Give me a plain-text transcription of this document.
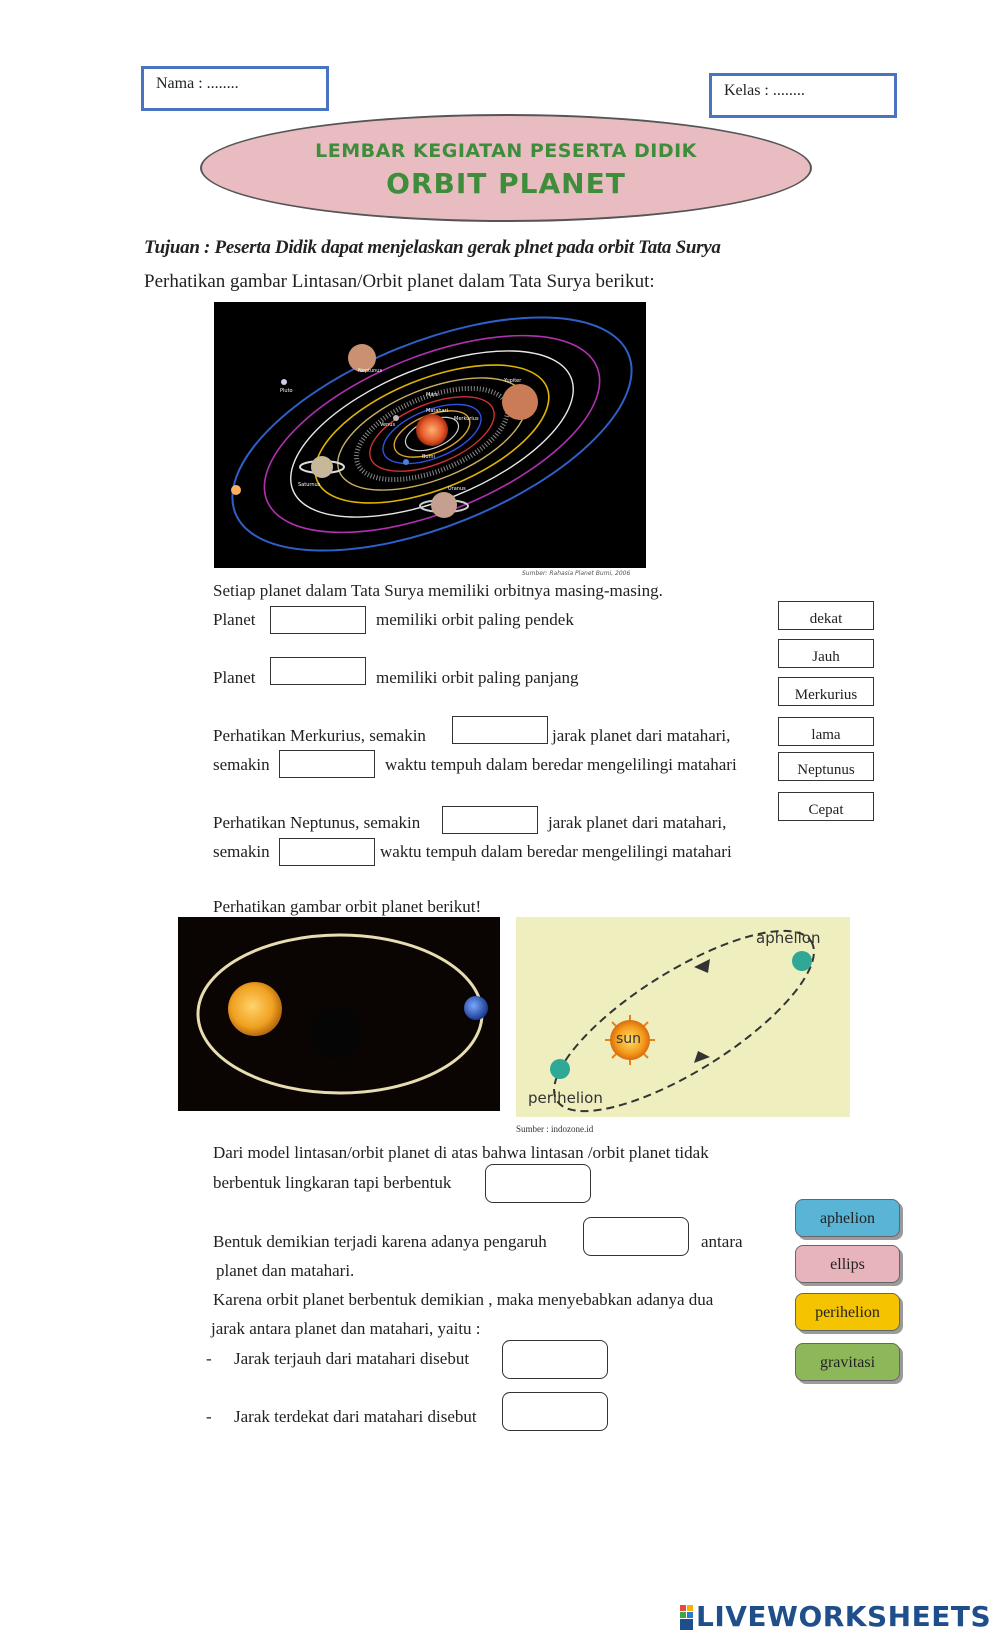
Nama : ........	Kelas : ........
LEMBAR KEGIATAN PESERTA DIDIK
ORBIT PLANET
Tujuan : Peserta Didik dapat menjelaskan gerak plnet pada orbit Tata Surya
Perhatikan gambar Lintasan/Orbit planet dalam Tata Surya berikut:
Neptunus
Pluto
Yupiter
Mars
Matahari
Venus
Merkurius
Bumi
Saturnus
Uranus
Sumber: Rahasia Planet Bumi, 2006
Setiap planet dalam Tata Surya memiliki orbitnya masing-masing.
Planet	memiliki orbit paling pendek
Planet	memiliki orbit paling panjang
Perhatikan Merkurius, semakin	jarak planet dari matahari,
semakin	waktu tempuh dalam beredar mengelilingi matahari
Perhatikan Neptunus, semakin	jarak planet dari matahari,
semakin	waktu tempuh dalam beredar mengelilingi matahari
dekat
Jauh
Merkurius
lama
Neptunus
Cepat
Perhatikan gambar orbit planet berikut!
aphelion
sun
perihelion
Sumber : indozone.id
Dari model lintasan/orbit planet di atas bahwa lintasan /orbit planet tidak
berbentuk lingkaran tapi berbentuk
Bentuk demikian terjadi karena adanya pengaruh	antara
planet dan matahari.
Karena orbit planet berbentuk demikian , maka menyebabkan adanya dua
jarak antara planet dan matahari, yaitu :
- Jarak terjauh dari matahari disebut
- Jarak terdekat dari matahari disebut
aphelion
ellips
perihelion
gravitasi
LIVEWORKSHEETS
